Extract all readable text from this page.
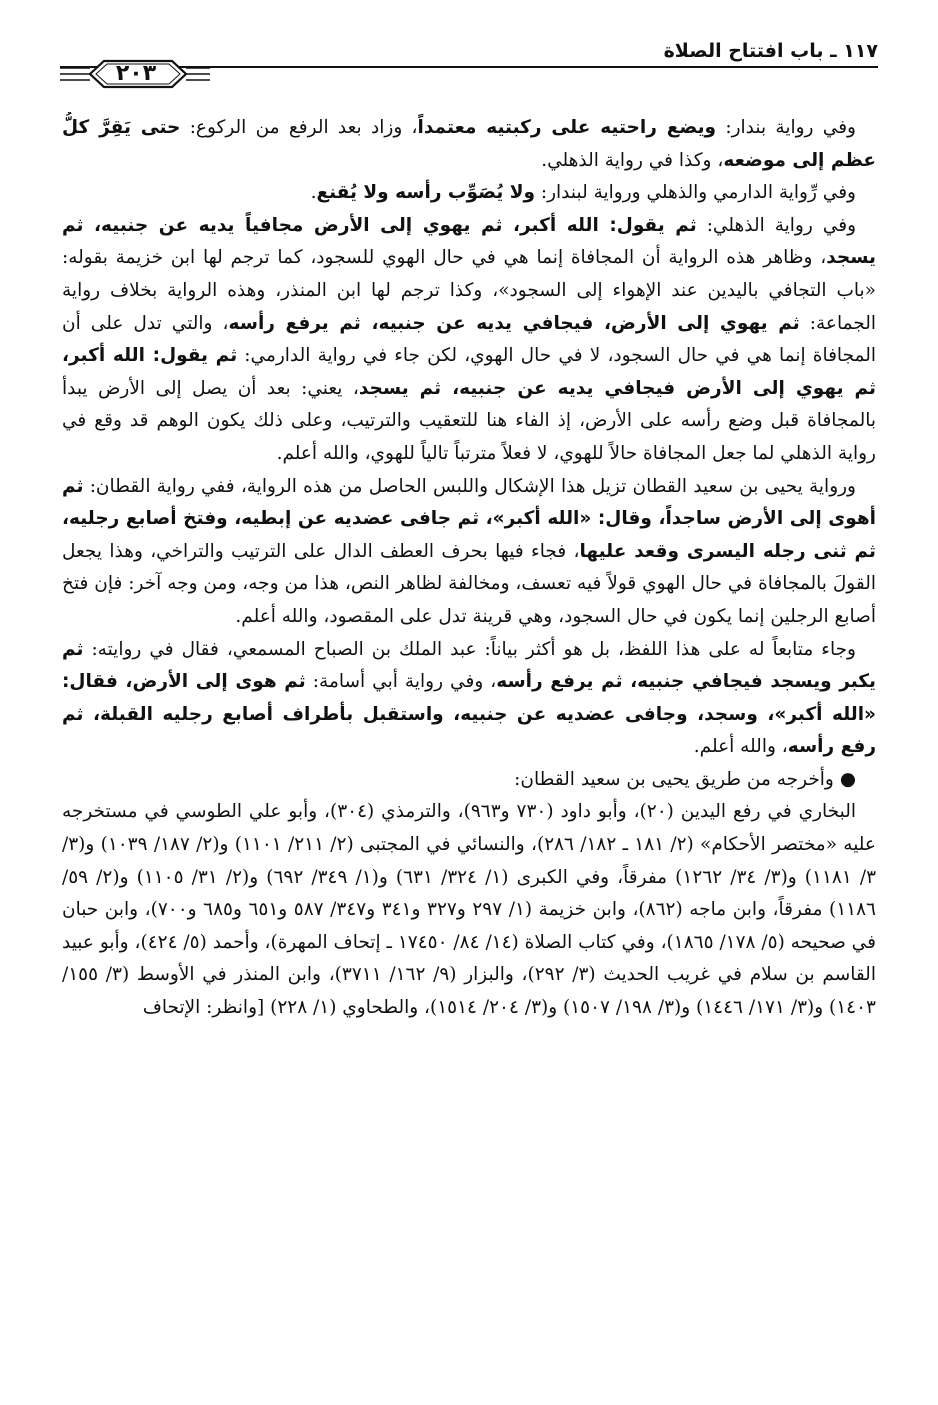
١١٧ ـ باب افتتاح الصلاة
٢٠٣

وفي رواية بندار: ويضع راحتيه على ركبتيه معتمداً، وزاد بعد الرفع من الركوع: حتى يَقِرَّ كلُّ عظم إلى موضعه، وكذا في رواية الذهلي.

وفي رِّواية الدارمي والذهلي ورواية لبندار: ولا يُصَوِّب رأسه ولا يُقنع.

وفي رواية الذهلي: ثم يقول: الله أكبر، ثم يهوي إلى الأرض مجافياً يديه عن جنبيه، ثم يسجد، وظاهر هذه الرواية أن المجافاة إنما هي في حال الهوي للسجود، كما ترجم لها ابن خزيمة بقوله: «باب التجافي باليدين عند الإهواء إلى السجود»، وكذا ترجم لها ابن المنذر، وهذه الرواية بخلاف رواية الجماعة: ثم يهوي إلى الأرض، فيجافي يديه عن جنبيه، ثم يرفع رأسه، والتي تدل على أن المجافاة إنما هي في حال السجود، لا في حال الهوي، لكن جاء في رواية الدارمي: ثم يقول: الله أكبر، ثم يهوي إلى الأرض فيجافي يديه عن جنبيه، ثم يسجد، يعني: بعد أن يصل إلى الأرض يبدأ بالمجافاة قبل وضع رأسه على الأرض، إذ الفاء هنا للتعقيب والترتيب، وعلى ذلك يكون الوهم قد وقع في رواية الذهلي لما جعل المجافاة حالاً للهوي، لا فعلاً مترتباً تالياً للهوي، والله أعلم.

ورواية يحيى بن سعيد القطان تزيل هذا الإشكال واللبس الحاصل من هذه الرواية، ففي رواية القطان: ثم أهوى إلى الأرض ساجداً، وقال: «الله أكبر»، ثم جافى عضديه عن إبطيه، وفتخ أصابع رجليه، ثم ثنى رجله اليسرى وقعد عليها، فجاء فيها بحرف العطف الدال على الترتيب والتراخي، وهذا يجعل القولَ بالمجافاة في حال الهوي قولاً فيه تعسف، ومخالفة لظاهر النص، هذا من وجه، ومن وجه آخر: فإن فتخ أصابع الرجلين إنما يكون في حال السجود، وهي قرينة تدل على المقصود، والله أعلم.

وجاء متابعاً له على هذا اللفظ، بل هو أكثر بياناً: عبد الملك بن الصباح المسمعي، فقال في روايته: ثم يكبر ويسجد فيجافي جنبيه، ثم يرفع رأسه، وفي رواية أبي أسامة: ثم هوى إلى الأرض، فقال: «الله أكبر»، وسجد، وجافى عضديه عن جنبيه، واستقبل بأطراف أصابع رجليه القبلة، ثم رفع رأسه، والله أعلم.

●وأخرجه من طريق يحيى بن سعيد القطان:

البخاري في رفع اليدين (٢٠)، وأبو داود (٧٣٠ و٩٦٣)، والترمذي (٣٠٤)، وأبو علي الطوسي في مستخرجه عليه «مختصر الأحكام» (٢/ ١٨١ ـ ١٨٢/ ٢٨٦)، والنسائي في المجتبى (٢/ ٢١١/ ١١٠١) و(٢/ ١٨٧/ ١٠٣٩) و(٣/ ٣/ ١١٨١) و(٣/ ٣٤/ ١٢٦٢) مفرقاً، وفي الكبرى (١/ ٣٢٤/ ٦٣١) و(١/ ٣٤٩/ ٦٩٢) و(٢/ ٣١/ ١١٠٥) و(٢/ ٥٩/ ١١٨٦) مفرقاً، وابن ماجه (٨٦٢)، وابن خزيمة (١/ ٢٩٧ و٣٢٧ و٣٤١ و٣٤٧/ ٥٨٧ و٦٥١ و٦٨٥ و٧٠٠)، وابن حبان في صحيحه (٥/ ١٧٨/ ١٨٦٥)، وفي كتاب الصلاة (١٤/ ٨٤/ ١٧٤٥٠ ـ إتحاف المهرة)، وأحمد (٥/ ٤٢٤)، وأبو عبيد القاسم بن سلام في غريب الحديث (٣/ ٢٩٢)، والبزار (٩/ ١٦٢/ ٣٧١١)، وابن المنذر في الأوسط (٣/ ١٥٥/ ١٤٠٣) و(٣/ ١٧١/ ١٤٤٦) و(٣/ ١٩٨/ ١٥٠٧) و(٣/ ٢٠٤/ ١٥١٤)، والطحاوي (١/ ٢٢٨) [وانظر: الإتحاف
